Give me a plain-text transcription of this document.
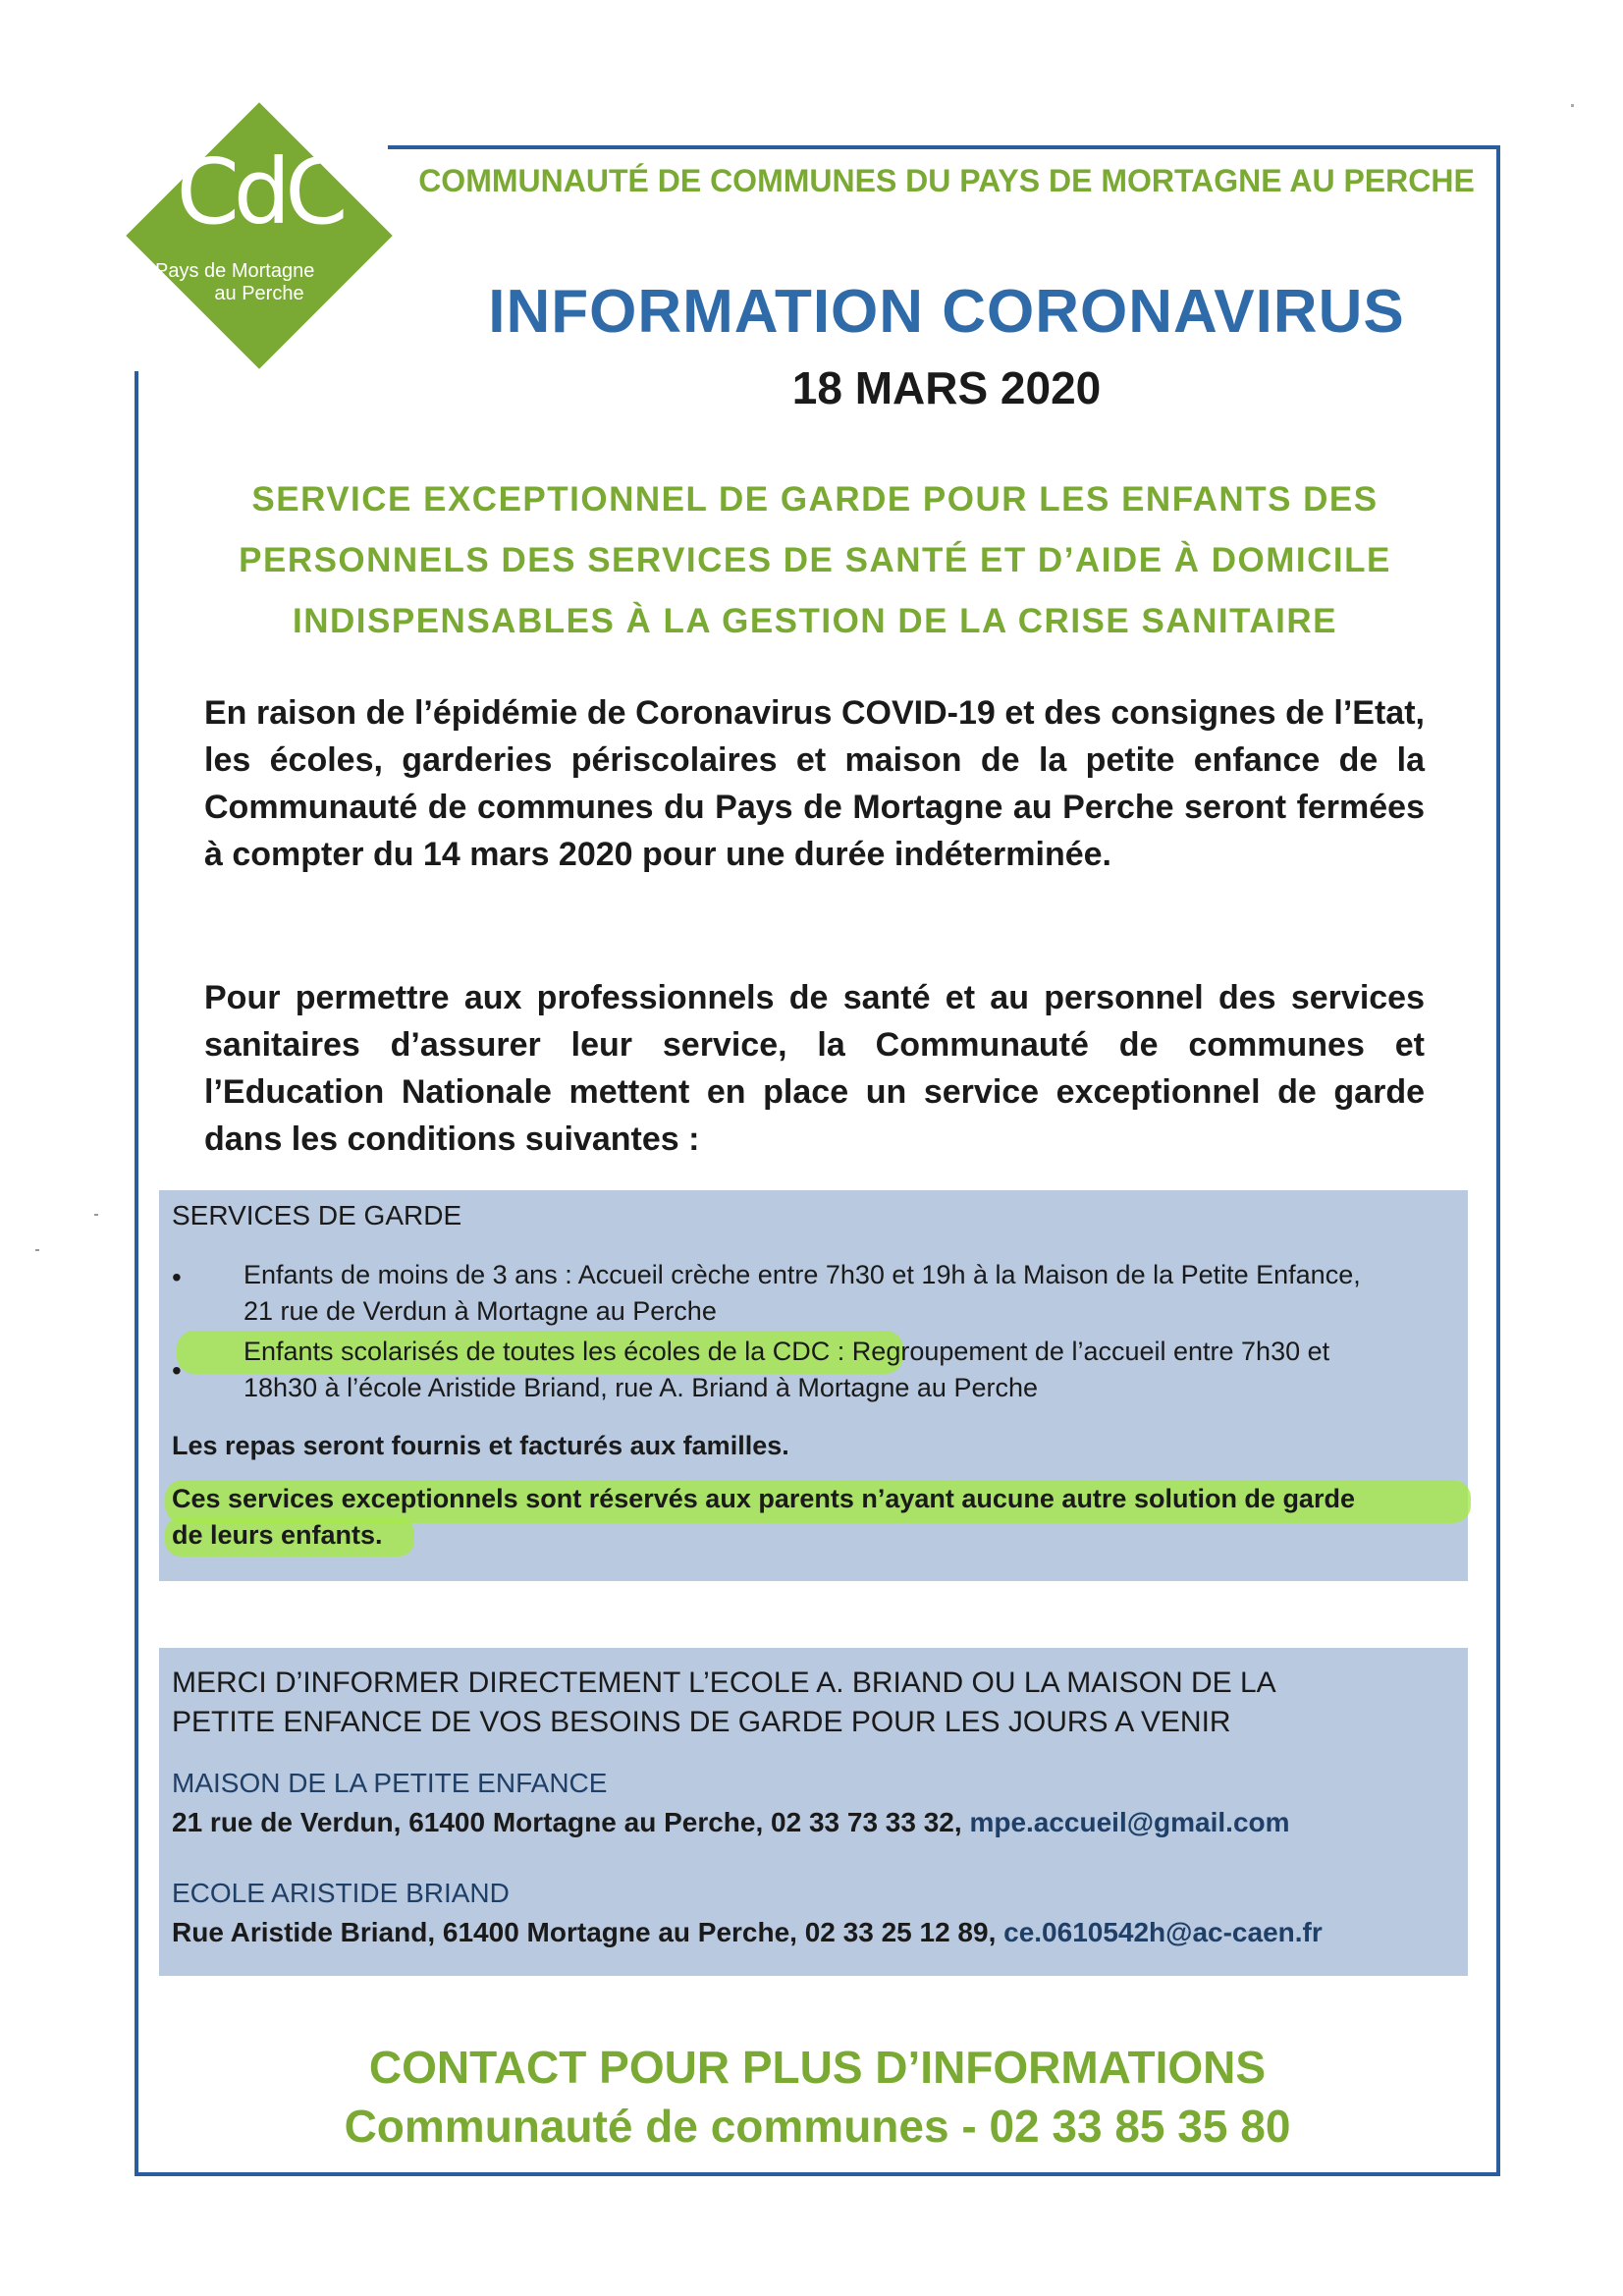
CdC
Pays de Mortagne
au Perche
COMMUNAUTÉ DE COMMUNES DU PAYS DE MORTAGNE AU PERCHE
INFORMATION CORONAVIRUS
18 MARS 2020
SERVICE EXCEPTIONNEL DE GARDE POUR LES ENFANTS DES
PERSONNELS DES SERVICES DE SANTÉ ET D’AIDE À DOMICILE
INDISPENSABLES À LA GESTION DE LA CRISE SANITAIRE
En raison de l’épidémie de Coronavirus COVID-19 et des consignes de l’Etat, les écoles, garderies périscolaires et maison de la petite enfance de la Communauté de communes du Pays de Mortagne au Perche seront fermées à compter du 14 mars 2020 pour une durée indéterminée.
Pour permettre aux professionnels de santé et au personnel des services sanitaires d’assurer leur service, la Communauté de communes et l’Education Nationale mettent en place un service exceptionnel de garde dans les conditions suivantes :
SERVICES DE GARDE
• Enfants de moins de 3 ans : Accueil crèche entre 7h30 et 19h à la Maison de la Petite Enfance,
21 rue de Verdun à Mortagne au Perche
•
Enfants scolarisés de toutes les écoles de la CDC : Regroupement de l’accueil entre 7h30 et
18h30 à l’école Aristide Briand, rue A. Briand à Mortagne au Perche
Les repas seront fournis et facturés aux familles.
Ces services exceptionnels sont réservés aux parents n’ayant aucune autre solution de garde
de leurs enfants.
MERCI D’INFORMER DIRECTEMENT L’ECOLE A. BRIAND OU LA MAISON DE LA
PETITE ENFANCE DE VOS BESOINS DE GARDE POUR LES JOURS A VENIR
MAISON DE LA PETITE ENFANCE
21 rue de Verdun, 61400 Mortagne au Perche, 02 33 73 33 32, mpe.accueil@gmail.com
ECOLE ARISTIDE BRIAND
Rue Aristide Briand, 61400 Mortagne au Perche, 02 33 25 12 89, ce.0610542h@ac-caen.fr
CONTACT POUR PLUS D’INFORMATIONS
Communauté de communes - 02 33 85 35 80
